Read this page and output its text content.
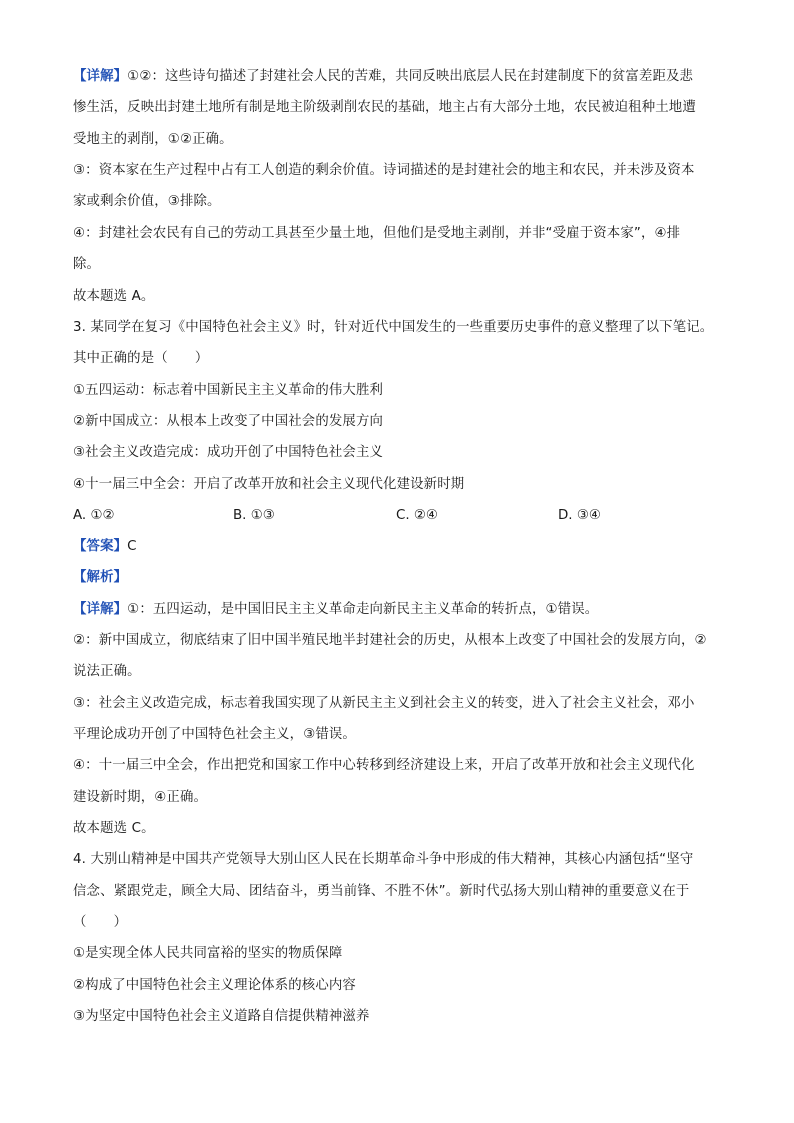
【详解】①②：这些诗句描述了封建社会人民的苦难，共同反映出底层人民在封建制度下的贫富差距及悲

惨生活，反映出封建土地所有制是地主阶级剥削农民的基础，地主占有大部分土地，农民被迫租种土地遭

受地主的剥削，①②正确。

③：资本家在生产过程中占有工人创造的剩余价值。诗词描述的是封建社会的地主和农民，并未涉及资本

家或剩余价值，③排除。

④：封建社会农民有自己的劳动工具甚至少量土地，但他们是受地主剥削，并非“受雇于资本家”，④排

除。

故本题选 A。

3. 某同学在复习《中国特色社会主义》时，针对近代中国发生的一些重要历史事件的意义整理了以下笔记。

其中正确的是（　　）

①五四运动：标志着中国新民主主义革命的伟大胜利

②新中国成立：从根本上改变了中国社会的发展方向

③社会主义改造完成：成功开创了中国特色社会主义

④十一届三中全会：开启了改革开放和社会主义现代化建设新时期

A. ①②	B. ①③	C. ②④	D. ③④

【答案】C

【解析】

【详解】①：五四运动，是中国旧民主主义革命走向新民主主义革命的转折点，①错误。

②：新中国成立，彻底结束了旧中国半殖民地半封建社会的历史，从根本上改变了中国社会的发展方向，②

说法正确。

③：社会主义改造完成，标志着我国实现了从新民主主义到社会主义的转变，进入了社会主义社会，邓小

平理论成功开创了中国特色社会主义，③错误。

④：十一届三中全会，作出把党和国家工作中心转移到经济建设上来，开启了改革开放和社会主义现代化

建设新时期，④正确。

故本题选 C。

4. 大别山精神是中国共产党领导大别山区人民在长期革命斗争中形成的伟大精神，其核心内涵包括“坚守

信念、紧跟党走，顾全大局、团结奋斗，勇当前锋、不胜不休”。新时代弘扬大别山精神的重要意义在于

（　　）

①是实现全体人民共同富裕的坚实的物质保障

②构成了中国特色社会主义理论体系的核心内容

③为坚定中国特色社会主义道路自信提供精神滋养
